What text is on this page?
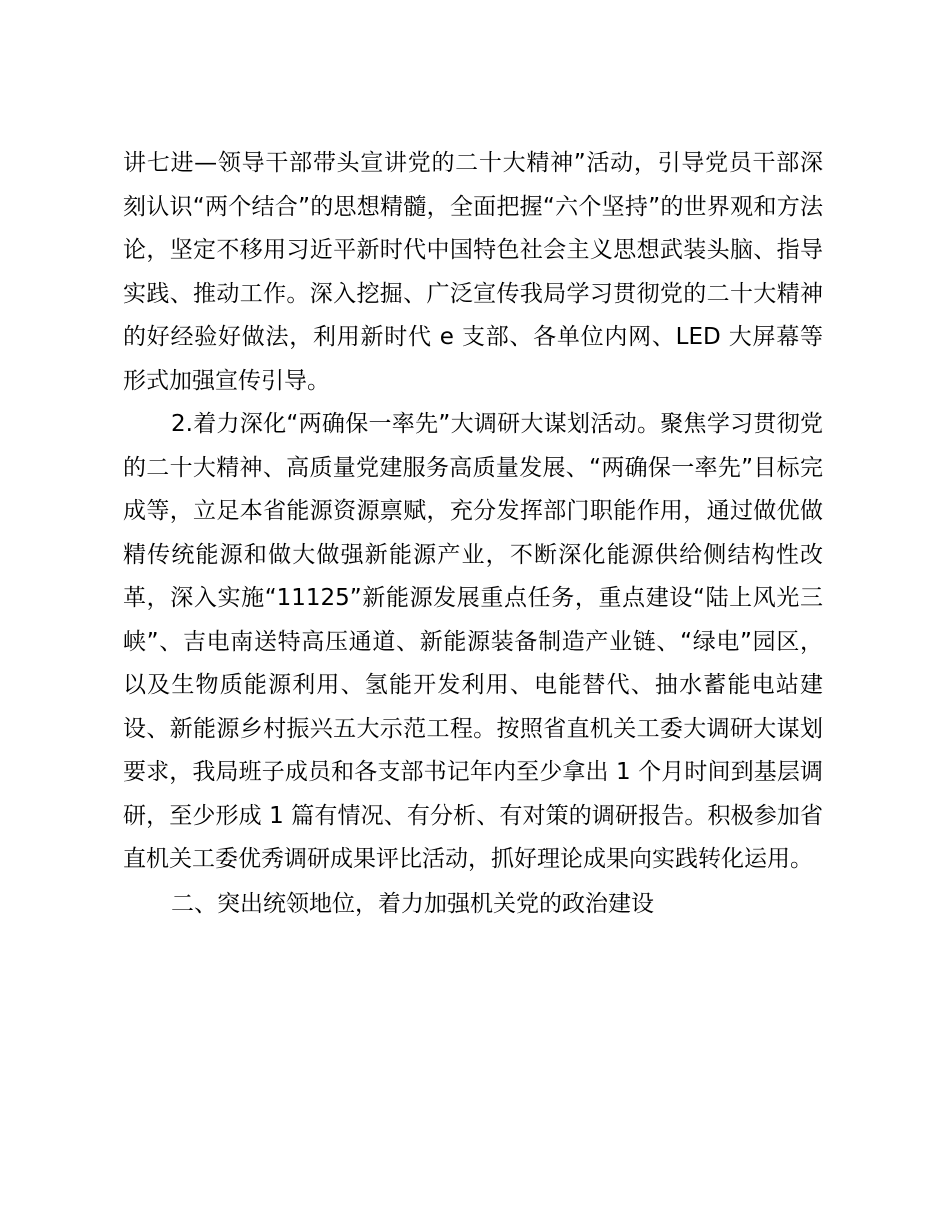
讲七进—领导干部带头宣讲党的二十大精神”活动，引导党员干部深刻认识“两个结合”的思想精髓，全面把握“六个坚持”的世界观和方法论，坚定不移用习近平新时代中国特色社会主义思想武装头脑、指导实践、推动工作。深入挖掘、广泛宣传我局学习贯彻党的二十大精神的好经验好做法，利用新时代 e 支部、各单位内网、LED 大屏幕等形式加强宣传引导。

2.着力深化“两确保一率先”大调研大谋划活动。聚焦学习贯彻党的二十大精神、高质量党建服务高质量发展、“两确保一率先”目标完成等，立足本省能源资源禀赋，充分发挥部门职能作用，通过做优做精传统能源和做大做强新能源产业，不断深化能源供给侧结构性改革，深入实施“11125”新能源发展重点任务，重点建设“陆上风光三峡”、吉电南送特高压通道、新能源装备制造产业链、“绿电”园区，以及生物质能源利用、氢能开发利用、电能替代、抽水蓄能电站建设、新能源乡村振兴五大示范工程。按照省直机关工委大调研大谋划要求，我局班子成员和各支部书记年内至少拿出 1 个月时间到基层调研，至少形成 1 篇有情况、有分析、有对策的调研报告。积极参加省直机关工委优秀调研成果评比活动，抓好理论成果向实践转化运用。

二、突出统领地位，着力加强机关党的政治建设
